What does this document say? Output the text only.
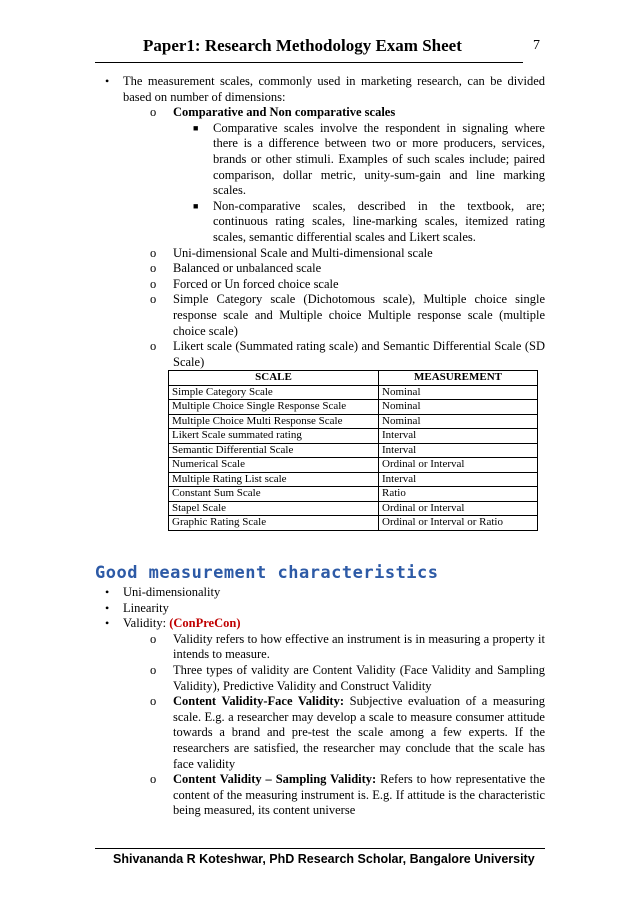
Paper1: Research Methodology Exam Sheet	7
• The measurement scales, commonly used in marketing research, can be divided based on number of dimensions:
o Comparative and Non comparative scales
■ Comparative scales involve the respondent in signaling where there is a difference between two or more producers, services, brands or other stimuli. Examples of such scales include; paired comparison, dollar metric, unity-sum-gain and line marking scales.
■ Non-comparative scales, described in the textbook, are; continuous rating scales, line-marking scales, itemized rating scales, semantic differential scales and Likert scales.
o Uni-dimensional Scale and Multi-dimensional scale
o Balanced or unbalanced scale
o Forced or Un forced choice scale
o Simple Category scale (Dichotomous scale), Multiple choice single response scale and Multiple choice Multiple response scale (multiple choice scale)
o Likert scale (Summated rating scale) and Semantic Differential Scale (SD Scale)
SCALE	MEASUREMENT
Simple Category Scale	Nominal
Multiple Choice Single Response Scale	Nominal
Multiple Choice Multi Response Scale	Nominal
Likert Scale summated rating	Interval
Semantic Differential Scale	Interval
Numerical Scale	Ordinal or Interval
Multiple Rating List scale	Interval
Constant Sum Scale	Ratio
Stapel Scale	Ordinal or Interval
Graphic Rating Scale	Ordinal or Interval or Ratio
Good measurement characteristics
• Uni-dimensionality
• Linearity
• Validity: (ConPreCon)
o Validity refers to how effective an instrument is in measuring a property it intends to measure.
o Three types of validity are Content Validity (Face Validity and Sampling Validity), Predictive Validity and Construct Validity
o Content Validity-Face Validity: Subjective evaluation of a measuring scale. E.g. a researcher may develop a scale to measure consumer attitude towards a brand and pre-test the scale among a few experts. If the researchers are satisfied, the researcher may conclude that the scale has face validity
o Content Validity – Sampling Validity: Refers to how representative the content of the measuring instrument is. E.g. If attitude is the characteristic being measured, its content universe
Shivananda R Koteshwar, PhD Research Scholar, Bangalore University
